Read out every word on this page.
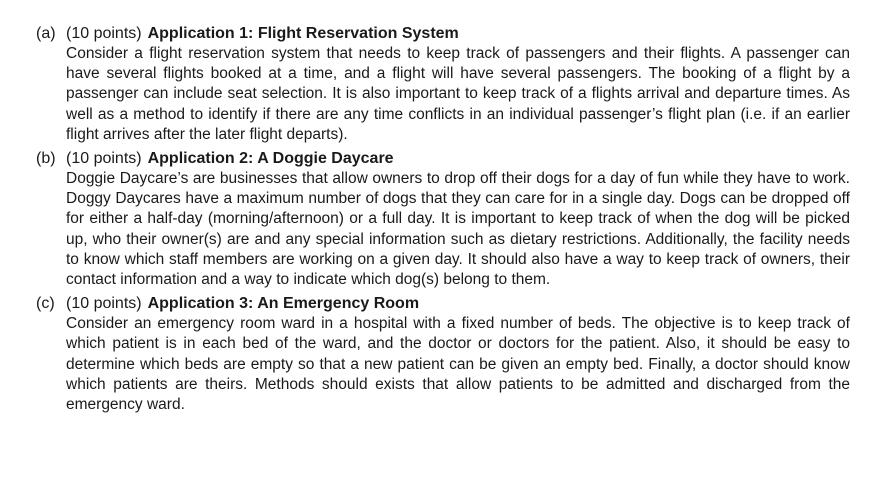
(a) (10 points) Application 1: Flight Reservation System
Consider a flight reservation system that needs to keep track of passengers and their flights. A passenger can have several flights booked at a time, and a flight will have several passengers. The booking of a flight by a passenger can include seat selection. It is also important to keep track of a flights arrival and departure times. As well as a method to identify if there are any time conflicts in an individual passenger’s flight plan (i.e. if an earlier flight arrives after the later flight departs).
(b) (10 points) Application 2: A Doggie Daycare
Doggie Daycare’s are businesses that allow owners to drop off their dogs for a day of fun while they have to work. Doggy Daycares have a maximum number of dogs that they can care for in a single day. Dogs can be dropped off for either a half-day (morning/afternoon) or a full day. It is important to keep track of when the dog will be picked up, who their owner(s) are and any special information such as dietary restrictions. Additionally, the facility needs to know which staff members are working on a given day. It should also have a way to keep track of owners, their contact information and a way to indicate which dog(s) belong to them.
(c) (10 points) Application 3: An Emergency Room
Consider an emergency room ward in a hospital with a fixed number of beds. The objective is to keep track of which patient is in each bed of the ward, and the doctor or doctors for the patient. Also, it should be easy to determine which beds are empty so that a new patient can be given an empty bed. Finally, a doctor should know which patients are theirs. Methods should exists that allow patients to be admitted and discharged from the emergency ward.
